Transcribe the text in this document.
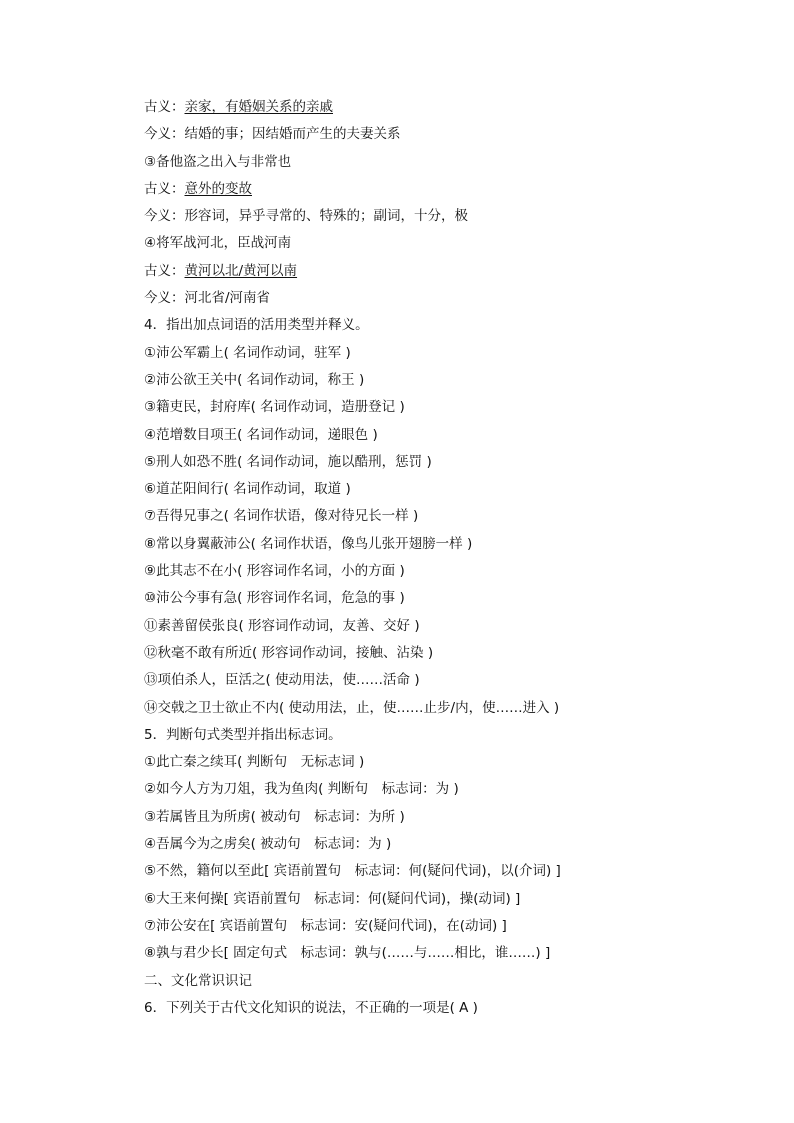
古义：亲家，有婚姻关系的亲戚
今义：结婚的事；因结婚而产生的夫妻关系
③备他盗之出入与非常也
古义：意外的变故
今义：形容词，异乎寻常的、特殊的；副词，十分，极
④将军战河北，臣战河南
古义：黄河以北/黄河以南
今义：河北省/河南省
4．指出加点词语的活用类型并释义。
①沛公军霸上( 名词作动词，驻军 )
②沛公欲王关中( 名词作动词，称王 )
③籍吏民，封府库( 名词作动词，造册登记 )
④范增数目项王( 名词作动词，递眼色 )
⑤刑人如恐不胜( 名词作动词，施以酷刑，惩罚 )
⑥道芷阳间行( 名词作动词，取道 )
⑦吾得兄事之( 名词作状语，像对待兄长一样 )
⑧常以身翼蔽沛公( 名词作状语，像鸟儿张开翅膀一样 )
⑨此其志不在小( 形容词作名词，小的方面 )
⑩沛公今事有急( 形容词作名词，危急的事 )
⑪素善留侯张良( 形容词作动词，友善、交好 )
⑫秋毫不敢有所近( 形容词作动词，接触、沾染 )
⑬项伯杀人，臣活之( 使动用法，使……活命 )
⑭交戟之卫士欲止不内( 使动用法，止，使……止步/内，使……进入 )
5．判断句式类型并指出标志词。
①此亡秦之续耳( 判断句　无标志词 )
②如今人方为刀俎，我为鱼肉( 判断句　标志词：为 )
③若属皆且为所虏( 被动句　标志词：为所 )
④吾属今为之虏矣( 被动句　标志词：为 )
⑤不然，籍何以至此[ 宾语前置句　标志词：何(疑问代词)，以(介词) ]
⑥大王来何操[ 宾语前置句　标志词：何(疑问代词)，操(动词) ]
⑦沛公安在[ 宾语前置句　标志词：安(疑问代词)，在(动词) ]
⑧孰与君少长[ 固定句式　标志词：孰与(……与……相比，谁……) ]
二、文化常识识记
6．下列关于古代文化知识的说法，不正确的一项是( A )
